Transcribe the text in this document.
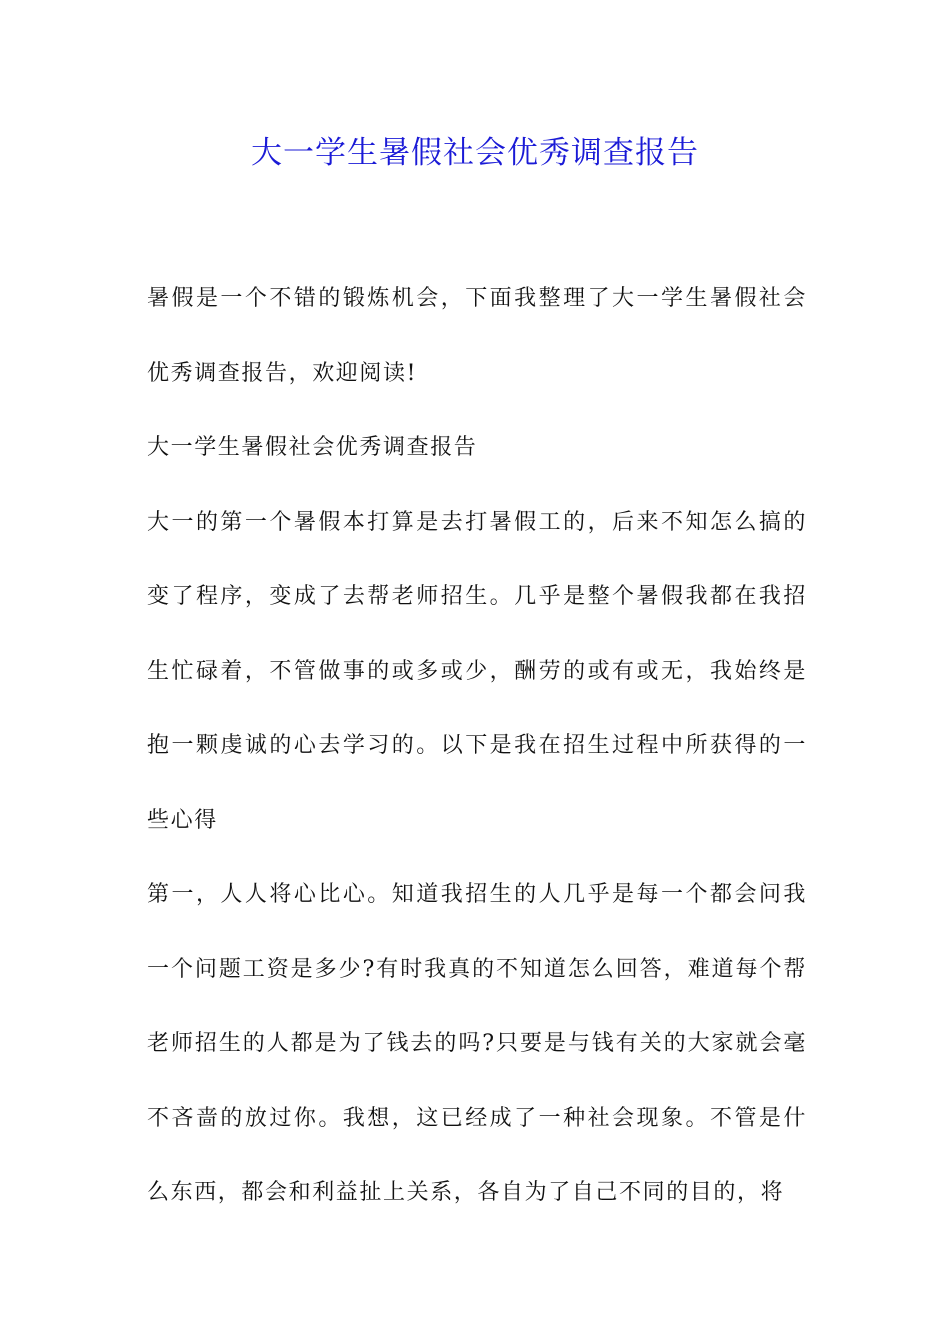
大一学生暑假社会优秀调查报告

暑假是一个不错的锻炼机会，下面我整理了大一学生暑假社会优秀调查报告，欢迎阅读!

大一学生暑假社会优秀调查报告

大一的第一个暑假本打算是去打暑假工的，后来不知怎么搞的变了程序，变成了去帮老师招生。几乎是整个暑假我都在我招生忙碌着，不管做事的或多或少，酬劳的或有或无，我始终是抱一颗虔诚的心去学习的。以下是我在招生过程中所获得的一些心得

第一，人人将心比心。知道我招生的人几乎是每一个都会问我一个问题工资是多少?有时我真的不知道怎么回答，难道每个帮老师招生的人都是为了钱去的吗?只要是与钱有关的大家就会毫不吝啬的放过你。我想，这已经成了一种社会现象。不管是什么东西，都会和利益扯上关系，各自为了自己不同的目的，将
